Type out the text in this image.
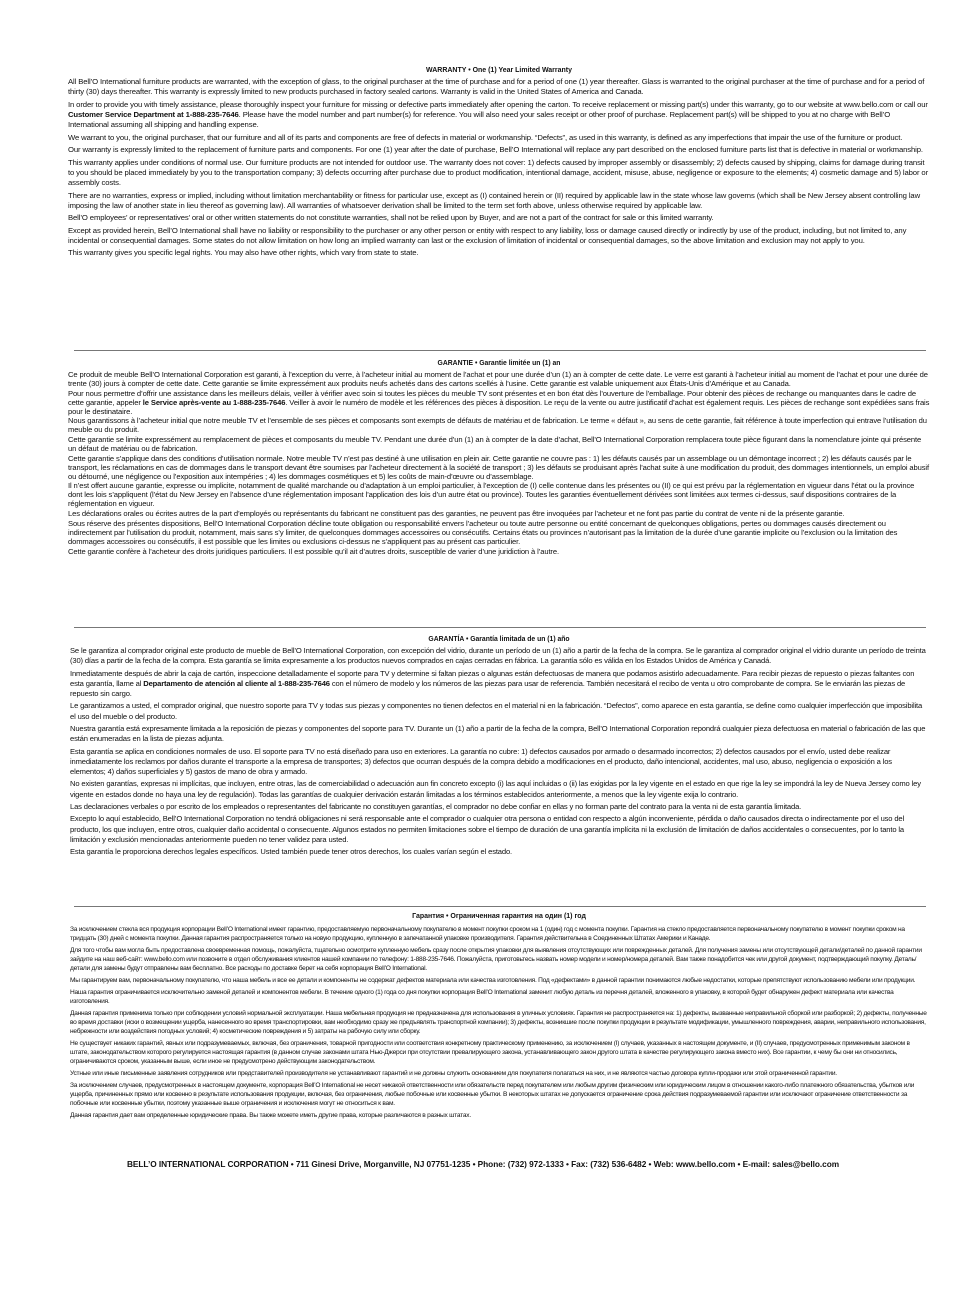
WARRANTY • One (1) Year Limited Warranty

All Bell’O International furniture products are warranted, with the exception of glass, to the original purchaser at the time of purchase and for a period of one (1) year thereafter. Glass is warranted to the original purchaser at the time of purchase and for a period of thirty (30) days thereafter. This warranty is expressly limited to new products purchased in factory sealed cartons. Warranty is valid in the United States of America and Canada.

In order to provide you with timely assistance, please thoroughly inspect your furniture for missing or defective parts immediately after opening the carton. To receive replacement or missing part(s) under this warranty, go to our website at www.bello.com or call our Customer Service Department at 1-888-235-7646. Please have the model number and part number(s) for reference. You will also need your sales receipt or other proof of purchase. Replacement part(s) will be shipped to you at no charge with Bell’O International assuming all shipping and handling expense.

We warrant to you, the original purchaser, that our furniture and all of its parts and components are free of defects in material or workmanship. “Defects”, as used in this warranty, is defined as any imperfections that impair the use of the furniture or product.

Our warranty is expressly limited to the replacement of furniture parts and components. For one (1) year after the date of purchase, Bell’O International will replace any part described on the enclosed furniture parts list that is defective in material or workmanship.

This warranty applies under conditions of normal use. Our furniture products are not intended for outdoor use. The warranty does not cover: 1) defects caused by improper assembly or disassembly; 2) defects caused by shipping, claims for damage during transit to you should be placed immediately by you to the transportation company; 3) defects occurring after purchase due to product modification, intentional damage, accident, misuse, abuse, negligence or exposure to the elements; 4) cosmetic damage and 5) labor or assembly costs.

There are no warranties, express or implied, including without limitation merchantability or fitness for particular use, except as (I) contained herein or (II) required by applicable law in the state whose law governs (which shall be New Jersey absent controlling law imposing the law of another state in lieu thereof as governing law). All warranties of whatsoever derivation shall be limited to the term set forth above, unless otherwise required by applicable law.

Bell’O employees’ or representatives’ oral or other written statements do not constitute warranties, shall not be relied upon by Buyer, and are not a part of the contract for sale or this limited warranty.

Except as provided herein, Bell’O International shall have no liability or responsibility to the purchaser or any other person or entity with respect to any liability, loss or damage caused directly or indirectly by use of the product, including, but not limited to, any incidental or consequential damages. Some states do not allow limitation on how long an implied warranty can last or the exclusion of limitation of incidental or consequential damages, so the above limitation and exclusion may not apply to you.

This warranty gives you specific legal rights. You may also have other rights, which vary from state to state.

GARANTIE • Garantie limitée un (1) an

Ce produit de meuble Bell’O International Corporation est garanti, à l’exception du verre, à l’acheteur initial au moment de l’achat et pour une durée d’un (1) an à compter de cette date. Le verre est garanti à l’acheteur initial au moment de l’achat et pour une durée de trente (30) jours à compter de cette date. Cette garantie se limite expressément aux produits neufs achetés dans des cartons scellés à l’usine. Cette garantie est valable uniquement aux États-Unis d’Amérique et au Canada.

Pour nous permettre d’offrir une assistance dans les meilleurs délais, veiller à vérifier avec soin si toutes les pièces du meuble TV sont présentes et en bon état dès l’ouverture de l’emballage. Pour obtenir des pièces de rechange ou manquantes dans le cadre de cette garantie, appeler le Service après-vente au 1-888-235-7646. Veiller à avoir le numéro de modèle et les références des pièces à disposition. Le reçu de la vente ou autre justificatif d’achat est également requis. Les pièces de rechange sont expédiées sans frais pour le destinataire.

Nous garantissons à l’acheteur initial que notre meuble TV et l’ensemble de ses pièces et composants sont exempts de défauts de matériau et de fabrication. Le terme « défaut », au sens de cette garantie, fait référence à toute imperfection qui entrave l’utilisation du meuble ou du produit.

Cette garantie se limite expressément au remplacement de pièces et composants du meuble TV. Pendant une durée d’un (1) an à compter de la date d’achat, Bell’O International Corporation remplacera toute pièce figurant dans la nomenclature jointe qui présente un défaut de matériau ou de fabrication.

Cette garantie s’applique dans des conditions d’utilisation normale. Notre meuble TV n’est pas destiné à une utilisation en plein air. Cette garantie ne couvre pas : 1) les défauts causés par un assemblage ou un démontage incorrect ; 2) les défauts causés par le transport, les réclamations en cas de dommages dans le transport devant être soumises par l’acheteur directement à la société de transport ; 3) les défauts se produisant après l’achat suite à une modification du produit, des dommages intentionnels, un emploi abusif ou détourné, une négligence ou l’exposition aux intempéries ; 4) les dommages cosmétiques et 5) les coûts de main-d’œuvre ou d’assemblage.

Il n’est offert aucune garantie, expresse ou implicite, notamment de qualité marchande ou d’adaptation à un emploi particulier, à l’exception de (I) celle contenue dans les présentes ou (II) ce qui est prévu par la réglementation en vigueur dans l’état ou la province dont les lois s’appliquent (l’état du New Jersey en l’absence d’une réglementation imposant l’application des lois d’un autre état ou province). Toutes les garanties éventuellement dérivées sont limitées aux termes ci-dessus, sauf dispositions contraires de la réglementation en vigueur.

Les déclarations orales ou écrites autres de la part d’employés ou représentants du fabricant ne constituent pas des garanties, ne peuvent pas être invoquées par l’acheteur et ne font pas partie du contrat de vente ni de la présente garantie.

Sous réserve des présentes dispositions, Bell’O International Corporation décline toute obligation ou responsabilité envers l’acheteur ou toute autre personne ou entité concernant de quelconques obligations, pertes ou dommages causés directement ou indirectement par l’utilisation du produit, notamment, mais sans s’y limiter, de quelconques dommages accessoires ou consécutifs. Certains états ou provinces n’autorisant pas la limitation de la durée d’une garantie implicite ou l’exclusion ou la limitation des dommages accessoires ou consécutifs, il est possible que les limites ou exclusions ci-dessus ne s’appliquent pas au présent cas particulier.

Cette garantie confère à l’acheteur des droits juridiques particuliers. Il est possible qu’il ait d’autres droits, susceptible de varier d’une juridiction à l’autre.

GARANTÍA • Garantía limitada de un (1) año

Se le garantiza al comprador original este producto de mueble de Bell’O International Corporation, con excepción del vidrio, durante un período de un (1) año a partir de la fecha de la compra. Se le garantiza al comprador original el vidrio durante un período de treinta (30) días a partir de la fecha de la compra. Esta garantía se limita expresamente a los productos nuevos comprados en cajas cerradas en fábrica. La garantía sólo es válida en los Estados Unidos de América y Canadá.

Inmediatamente después de abrir la caja de cartón, inspeccione detalladamente el soporte para TV y determine si faltan piezas o algunas están defectuosas de manera que podamos asistirlo adecuadamente. Para recibir piezas de repuesto o piezas faltantes con esta garantía, llame al Departamento de atención al cliente al 1-888-235-7646 con el número de modelo y los números de las piezas para usar de referencia. También necesitará el recibo de venta u otro comprobante de compra. Se le enviarán las piezas de repuesto sin cargo.

Le garantizamos a usted, el comprador original, que nuestro soporte para TV y todas sus piezas y componentes no tienen defectos en el material ni en la fabricación. “Defectos”, como aparece en esta garantía, se define como cualquier imperfección que imposibilita el uso del mueble o del producto.

Nuestra garantía está expresamente limitada a la reposición de piezas y componentes del soporte para TV. Durante un (1) año a partir de la fecha de la compra, Bell’O International Corporation repondrá cualquier pieza defectuosa en material o fabricación de las que están enumeradas en la lista de piezas adjunta.

Esta garantía se aplica en condiciones normales de uso. El soporte para TV no está diseñado para uso en exteriores. La garantía no cubre: 1) defectos causados por armado o desarmado incorrectos; 2) defectos causados por el envío, usted debe realizar inmediatamente los reclamos por daños durante el transporte a la empresa de transportes; 3) defectos que ocurran después de la compra debido a modificaciones en el producto, daño intencional, accidentes, mal uso, abuso, negligencia o exposición a los elementos; 4) daños superficiales y 5) gastos de mano de obra y armado.

No existen garantías, expresas ni implícitas, que incluyen, entre otras, las de comerciabilidad o adecuación aun fin concreto excepto (i) las aquí incluidas o (ii) las exigidas por la ley vigente en el estado en que rige la ley se impondrá la ley de Nueva Jersey como ley vigente en estados donde no haya una ley de regulación). Todas las garantías de cualquier derivación estarán limitadas a los términos establecidos anteriormente, a menos que la ley vigente exija lo contrario.

Las declaraciones verbales o por escrito de los empleados o representantes del fabricante no constituyen garantías, el comprador no debe confiar en ellas y no forman parte del contrato para la venta ni de esta garantía limitada.

Excepto lo aquí establecido, Bell’O International Corporation no tendrá obligaciones ni será responsable ante el comprador o cualquier otra persona o entidad con respecto a algún inconveniente, pérdida o daño causados directa o indirectamente por el uso del producto, los que incluyen, entre otros, cualquier daño accidental o consecuente. Algunos estados no permiten limitaciones sobre el tiempo de duración de una garantía implícita ni la exclusión de limitación de daños accidentales o consecuentes, por lo tanto la limitación y exclusión mencionadas anteriormente pueden no tener validez para usted.

Esta garantía le proporciona derechos legales específicos. Usted también puede tener otros derechos, los cuales varían según el estado.

Гарантия • Ограниченная гарантия на один (1) год

За исключением стекла вся продукция корпорации Bell’O International имеет гарантию, предоставляемую первоначальному покупателю в момент покупки сроком на 1 (один) год с момента покупки. Гарантия на стекло предоставляется первоначальному покупателю в момент покупки сроком на тридцать (30) дней с момента покупки. Данная гарантия распространяется только на новую продукцию, купленную в запечатанной упаковке производителя. Гарантия действительна в Соединенных Штатах Америки и Канаде.

Для того чтобы вам могла быть предоставлена своевременная помощь, пожалуйста, тщательно осмотрите купленную мебель сразу после открытия упаковки для выявления отсутствующих или поврежденных деталей. Для получения замены или отсутствующей детали/деталей по данной гарантии зайдите на наш веб-сайт: www.bello.com или позвоните в отдел обслуживания клиентов нашей компании по телефону: 1-888-235-7646. Пожалуйста, приготовьтесь назвать номер модели и номер/номера деталей. Вам также понадобится чек или другой документ, подтверждающий покупку. Деталь/детали для замены будут отправлены вам бесплатно. Все расходы по доставке берет на себя корпорация Bell’O International.

Мы гарантируем вам, первоначальному покупателю, что наша мебель и все ее детали и компоненты не содержат дефектов материала или качества изготовления. Под «дефектами» в данной гарантии понимаются любые недостатки, которые препятствуют использованию мебели или продукции.

Наша гарантия ограничивается исключительно заменой деталей и компонентов мебели. В течение одного (1) года со дня покупки корпорация Bell’O International заменит любую деталь из перечня деталей, вложенного в упаковку, в которой будет обнаружен дефект материала или качества изготовления.

Данная гарантия применима только при соблюдении условий нормальной эксплуатации. Наша мебельная продукция не предназначена для использования в уличных условиях. Гарантия не распространяется на: 1) дефекты, вызванные неправильной сборкой или разборкой; 2) дефекты, полученные во время доставки (иски о возмещении ущерба, нанесенного во время транспортировки, вам необходимо сразу же предъявлять транспортной компании); 3) дефекты, возникшие после покупки продукции в результате модификации, умышленного повреждения, аварии, неправильного использования, небрежности или воздействия погодных условий; 4) косметические повреждения и 5) затраты на рабочую силу или сборку.

Не существует никаких гарантий, явных или подразумеваемых, включая, без ограничения, товарной пригодности или соответствия конкретному практическому применению, за исключением (I) случаев, указанных в настоящем документе, и (II) случаев, предусмотренных применимым законом в штате, законодательством которого регулируется настоящая гарантия (в данном случае законами штата Нью-Джерси при отсутствии превалирующего закона, устанавливающего закон другого штата в качестве регулирующего закона вместо них). Все гарантии, к чему бы они ни относились, ограничиваются сроком, указанным выше, если иное не предусмотрено действующим законодательством.

Устные или иные письменные заявления сотрудников или представителей производителя не устанавливают гарантий и не должны служить основанием для покупателя полагаться на них, и не являются частью договора купли-продажи или этой ограниченной гарантии.

За исключением случаев, предусмотренных в настоящем документе, корпорация Bell’O International не несет никакой ответственности или обязательств перед покупателем или любым другим физическим или юридическим лицом в отношении какого-либо платежного обязательства, убытков или ущерба, причиненных прямо или косвенно в результате использования продукции, включая, без ограничения, любые побочные или косвенные убытки. В некоторых штатах не допускается ограничение срока действия подразумеваемой гарантии или исключают ограничение ответственности за побочные или косвенные убытки, поэтому указанные выше ограничения и исключения могут не относиться к вам.

Данная гарантия дает вам определенные юридические права. Вы также можете иметь другие права, которые различаются в разных штатах.

BELL’O INTERNATIONAL CORPORATION • 711 Ginesi Drive, Morganville, NJ 07751-1235 • Phone: (732) 972-1333 • Fax: (732) 536-6482 • Web: www.bello.com • E-mail: sales@bello.com
